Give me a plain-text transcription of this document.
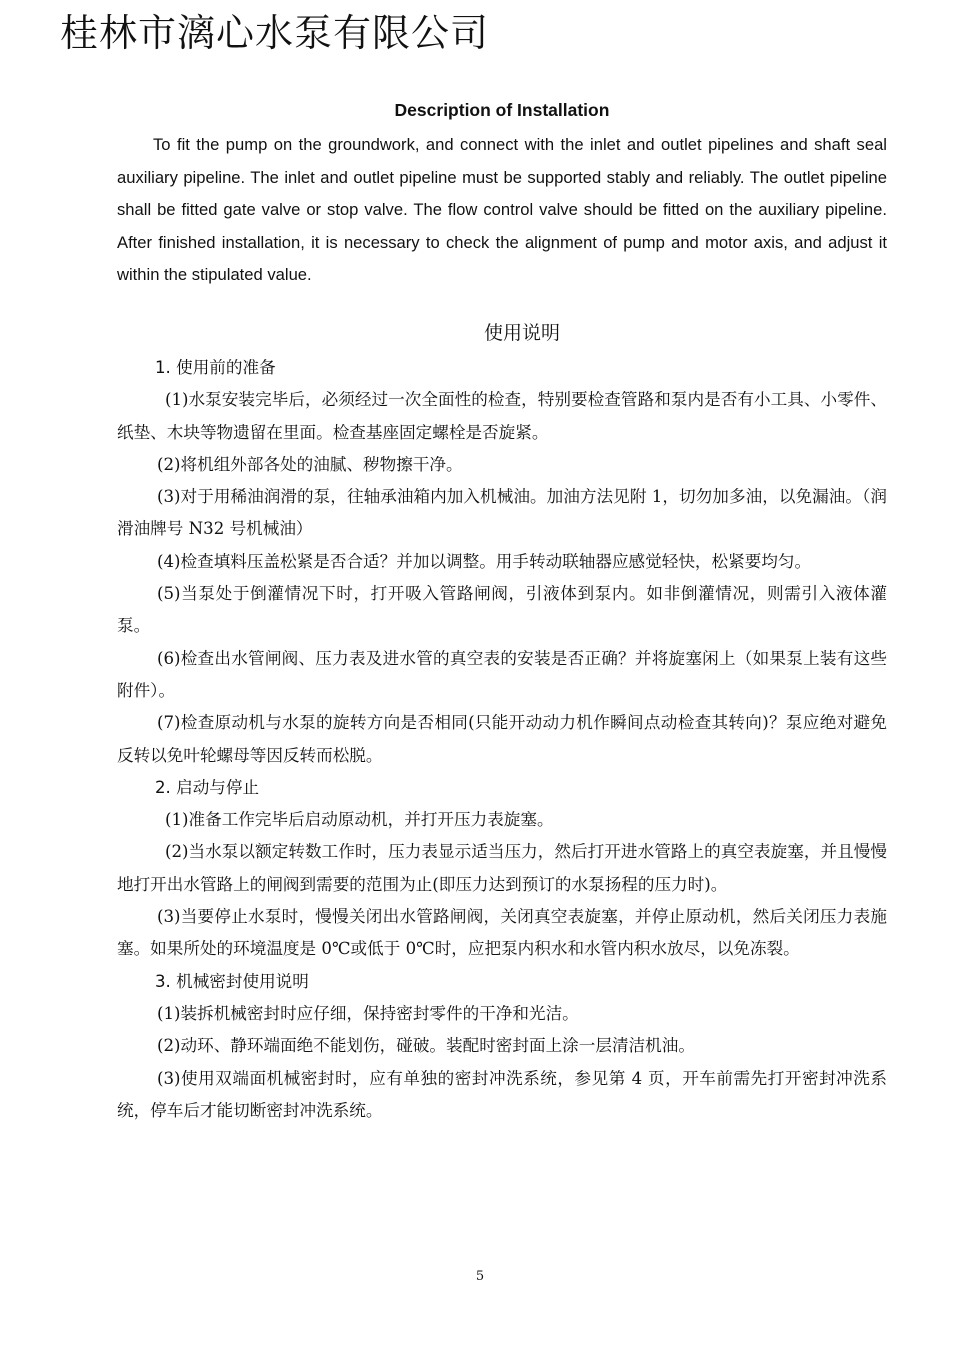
桂林市漓心水泵有限公司
Description of Installation

To fit the pump on the groundwork, and connect with the inlet and outlet pipelines and shaft seal auxiliary pipeline. The inlet and outlet pipeline must be supported stably and reliably. The outlet pipeline shall be fitted gate valve or stop valve. The flow control valve should be fitted on the auxiliary pipeline. After finished installation, it is necessary to check the alignment of pump and motor axis, and adjust it within the stipulated value.

使用说明

1. 使用前的准备

(1)水泵安装完毕后，必须经过一次全面性的检查，特别要检查管路和泵内是否有小工具、小零件、纸垫、木块等物遗留在里面。检查基座固定螺栓是否旋紧。

(2)将机组外部各处的油腻、秽物擦干净。

(3)对于用稀油润滑的泵，往轴承油箱内加入机械油。加油方法见附 1，切勿加多油，以免漏油。（润滑油牌号 N32 号机械油）

(4)检查填料压盖松紧是否合适？并加以调整。用手转动联轴器应感觉轻快，松紧要均匀。

(5)当泵处于倒灌情况下时，打开吸入管路闸阀，引液体到泵内。如非倒灌情况，则需引入液体灌泵。

(6)检查出水管闸阀、压力表及进水管的真空表的安装是否正确？并将旋塞闲上（如果泵上装有这些附件）。

(7)检查原动机与水泵的旋转方向是否相同(只能开动动力机作瞬间点动检查其转向)？泵应绝对避免反转以免叶轮螺母等因反转而松脱。

2. 启动与停止

(1)准备工作完毕后启动原动机，并打开压力表旋塞。

(2)当水泵以额定转数工作时，压力表显示适当压力，然后打开进水管路上的真空表旋塞，并且慢慢地打开出水管路上的闸阀到需要的范围为止(即压力达到预订的水泵扬程的压力时)。

(3)当要停止水泵时，慢慢关闭出水管路闸阀，关闭真空表旋塞，并停止原动机，然后关闭压力表施塞。如果所处的环境温度是 0℃或低于 0℃时，应把泵内积水和水管内积水放尽，以免冻裂。

3. 机械密封使用说明

(1)装拆机械密封时应仔细，保持密封零件的干净和光洁。

(2)动环、静环端面绝不能划伤，碰破。装配时密封面上涂一层清洁机油。

(3)使用双端面机械密封时，应有单独的密封冲洗系统，参见第 4 页，开车前需先打开密封冲洗系统，停车后才能切断密封冲洗系统。

5
